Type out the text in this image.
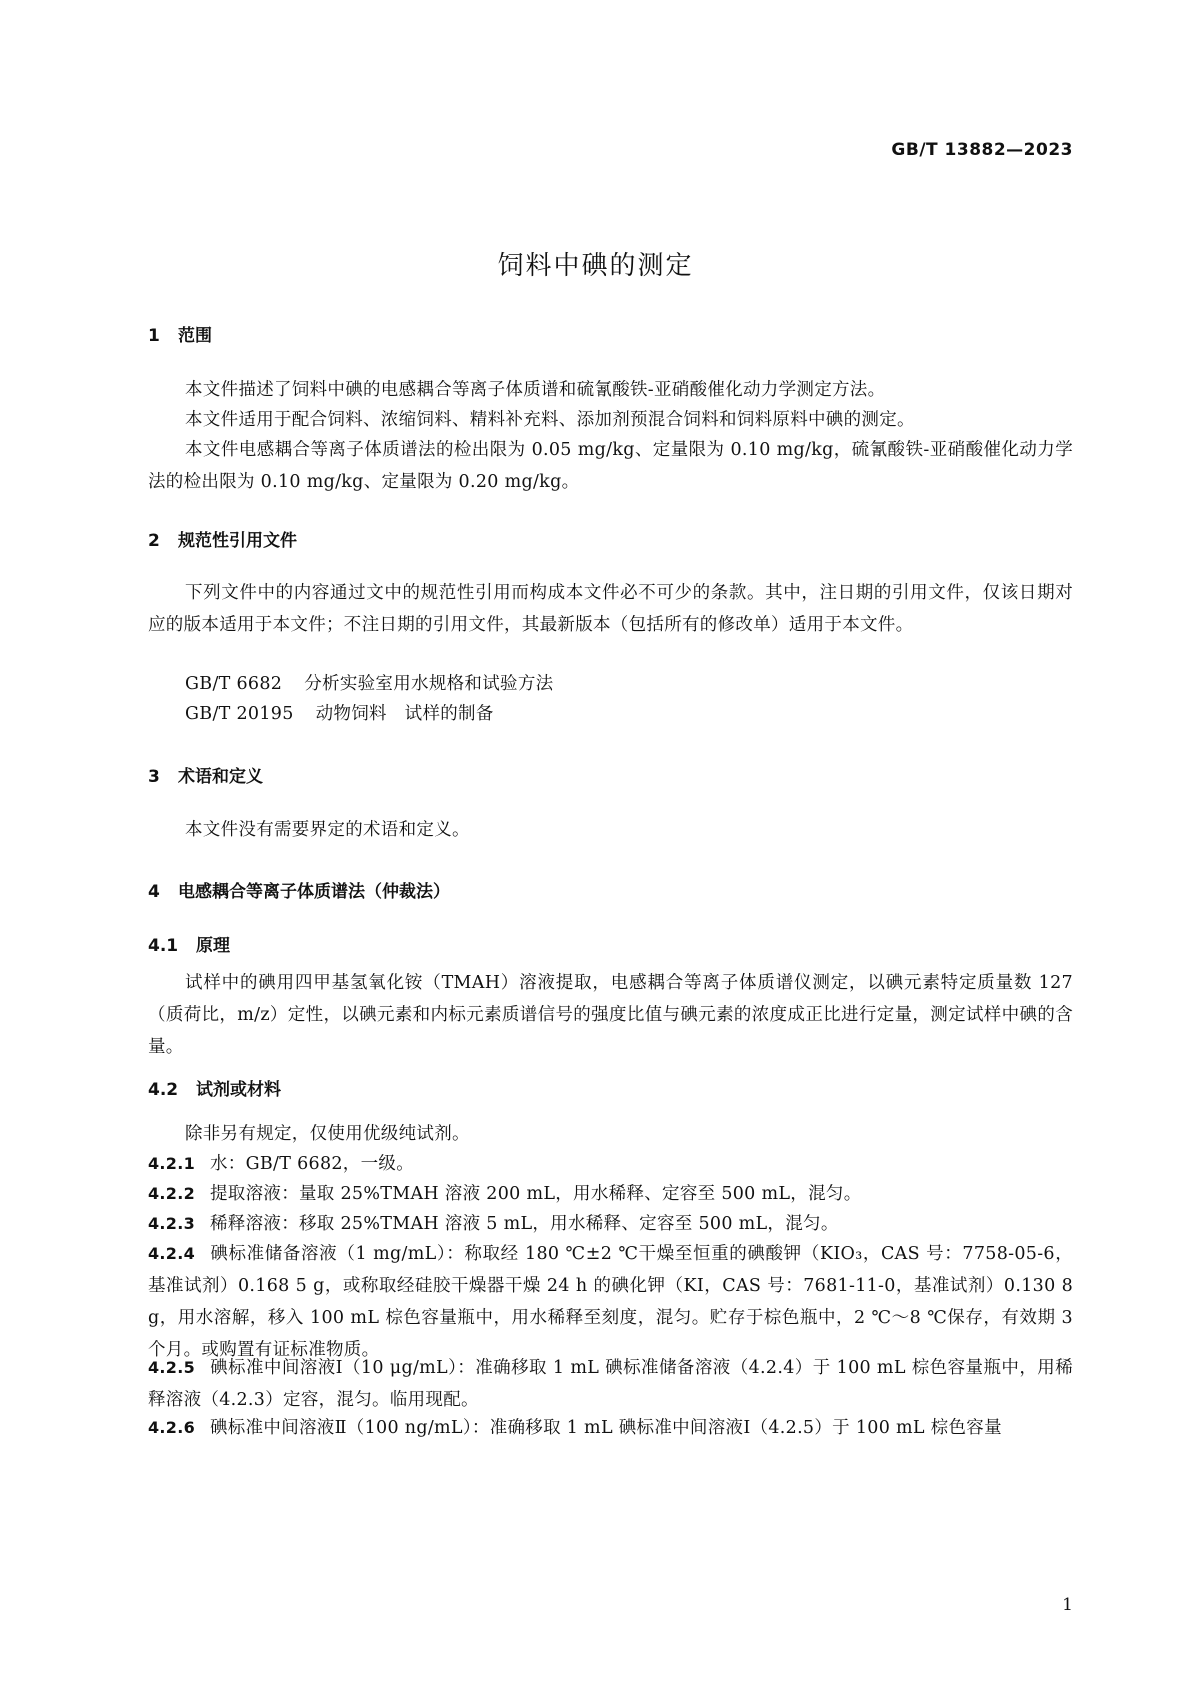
GB/T 13882—2023
饲料中碘的测定
1 范围
本文件描述了饲料中碘的电感耦合等离子体质谱和硫氰酸铁-亚硝酸催化动力学测定方法。
本文件适用于配合饲料、浓缩饲料、精料补充料、添加剂预混合饲料和饲料原料中碘的测定。
本文件电感耦合等离子体质谱法的检出限为 0.05 mg/kg、定量限为 0.10 mg/kg，硫氰酸铁-亚硝酸催化动力学法的检出限为 0.10 mg/kg、定量限为 0.20 mg/kg。
2 规范性引用文件
下列文件中的内容通过文中的规范性引用而构成本文件必不可少的条款。其中，注日期的引用文件，仅该日期对应的版本适用于本文件；不注日期的引用文件，其最新版本（包括所有的修改单）适用于本文件。
GB/T 6682 分析实验室用水规格和试验方法
GB/T 20195 动物饲料　试样的制备
3 术语和定义
本文件没有需要界定的术语和定义。
4 电感耦合等离子体质谱法（仲裁法）
4.1 原理
试样中的碘用四甲基氢氧化铵（TMAH）溶液提取，电感耦合等离子体质谱仪测定，以碘元素特定质量数 127（质荷比，m/z）定性，以碘元素和内标元素质谱信号的强度比值与碘元素的浓度成正比进行定量，测定试样中碘的含量。
4.2 试剂或材料
除非另有规定，仅使用优级纯试剂。
4.2.1 水：GB/T 6682，一级。
4.2.2 提取溶液：量取 25%TMAH 溶液 200 mL，用水稀释、定容至 500 mL，混匀。
4.2.3 稀释溶液：移取 25%TMAH 溶液 5 mL，用水稀释、定容至 500 mL，混匀。
4.2.4 碘标准储备溶液（1 mg/mL）：称取经 180 ℃±2 ℃干燥至恒重的碘酸钾（KIO₃，CAS 号：7758-05-6，基准试剂）0.168 5 g，或称取经硅胶干燥器干燥 24 h 的碘化钾（KI，CAS 号：7681-11-0，基准试剂）0.130 8 g，用水溶解，移入 100 mL 棕色容量瓶中，用水稀释至刻度，混匀。贮存于棕色瓶中，2 ℃～8 ℃保存，有效期 3 个月。或购置有证标准物质。
4.2.5 碘标准中间溶液Ⅰ（10 μg/mL）：准确移取 1 mL 碘标准储备溶液（4.2.4）于 100 mL 棕色容量瓶中，用稀释溶液（4.2.3）定容，混匀。临用现配。
4.2.6 碘标准中间溶液Ⅱ（100 ng/mL）：准确移取 1 mL 碘标准中间溶液Ⅰ（4.2.5）于 100 mL 棕色容量
1
